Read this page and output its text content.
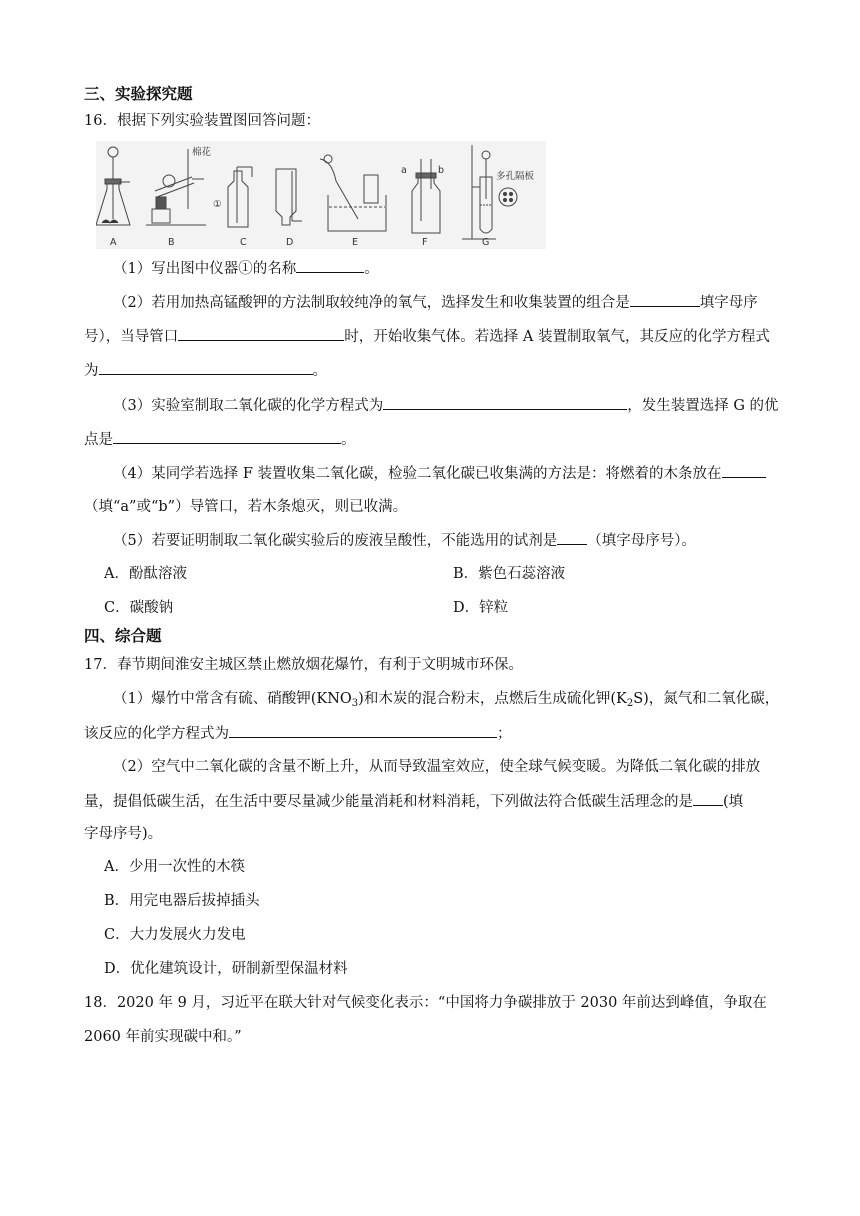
三、实验探究题
16．根据下列实验装置图回答问题：
A	B	C	D	E	F	G
棉花
①
a	b
多孔隔板
（1）写出图中仪器①的名称	。
（2）若用加热高锰酸钾的方法制取较纯净的氧气，选择发生和收集装置的组合是	填字母序
号），当导管口	时，开始收集气体。若选择 A 装置制取氧气，其反应的化学方程式
为	。
（3）实验室制取二氧化碳的化学方程式为	，发生装置选择 G 的优
点是	。
（4）某同学若选择 F 装置收集二氧化碳，检验二氧化碳已收集满的方法是：将燃着的木条放在
（填“a”或“b”）导管口，若木条熄灭，则已收满。
（5）若要证明制取二氧化碳实验后的废液呈酸性，不能选用的试剂是 （填字母序号）。
A．酚酞溶液	B．紫色石蕊溶液
C．碳酸钠	D．锌粒
四、综合题
17．春节期间淮安主城区禁止燃放烟花爆竹，有利于文明城市环保。
（1）爆竹中常含有硫、硝酸钾$(KNO_3)$和木炭的混合粉末，点燃后生成硫化钾$(K_2S)$，氮气和二氧化碳，
该反应的化学方程式为	；
（2）空气中二氧化碳的含量不断上升，从而导致温室效应，使全球气候变暖。为降低二氧化碳的排放
量，提倡低碳生活，在生活中要尽量减少能量消耗和材料消耗，下列做法符合低碳生活理念的是 (填
字母序号)。
A．少用一次性的木筷
B．用完电器后拔掉插头
C．大力发展火力发电
D．优化建筑设计，研制新型保温材料
18．2020 年 9 月，习近平在联大针对气候变化表示：“中国将力争碳排放于 2030 年前达到峰值，争取在
2060 年前实现碳中和。”
